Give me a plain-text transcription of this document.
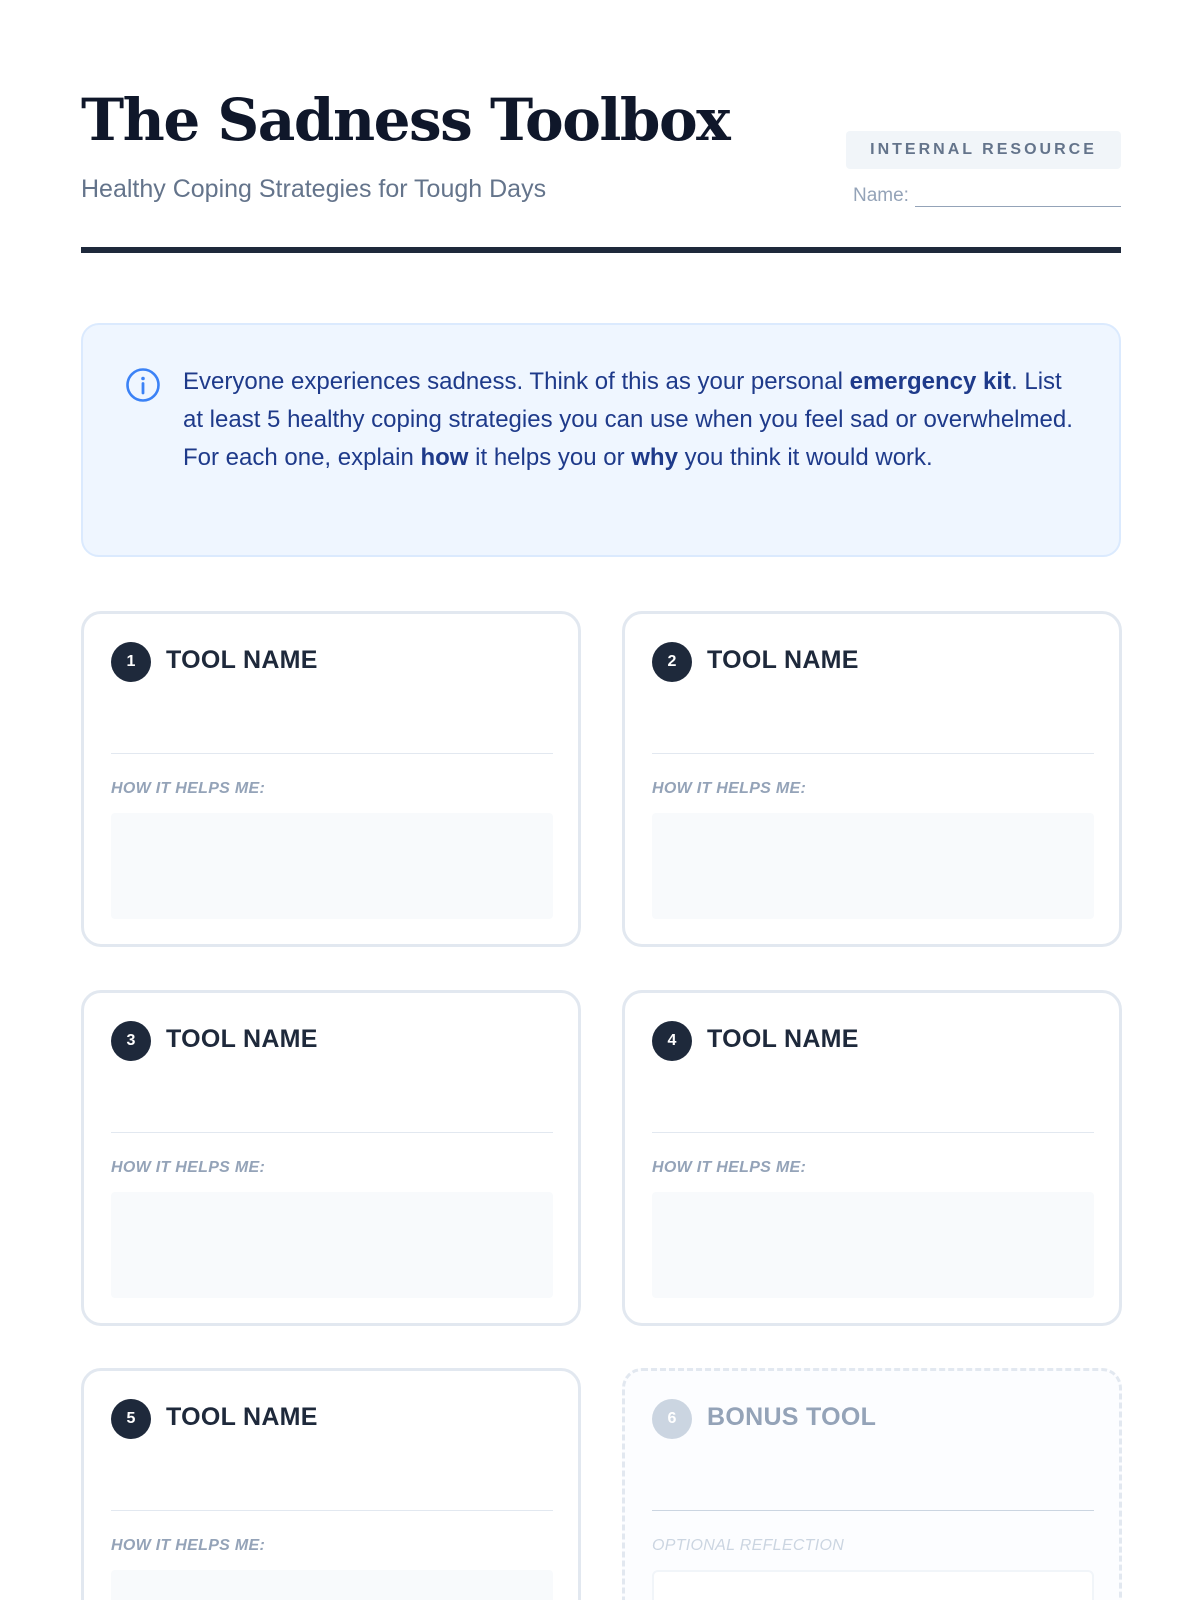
The Sadness Toolbox
Healthy Coping Strategies for Tough Days
INTERNAL RESOURCE
Name:

Everyone experiences sadness. Think of this as your personal emergency kit. List at least 5 healthy coping strategies you can use when you feel sad or overwhelmed. For each one, explain how it helps you or why you think it would work.

1	TOOL NAME
HOW IT HELPS ME:
2	TOOL NAME
HOW IT HELPS ME:
3	TOOL NAME
HOW IT HELPS ME:
4	TOOL NAME
HOW IT HELPS ME:
5	TOOL NAME
HOW IT HELPS ME:
6	BONUS TOOL
OPTIONAL REFLECTION
